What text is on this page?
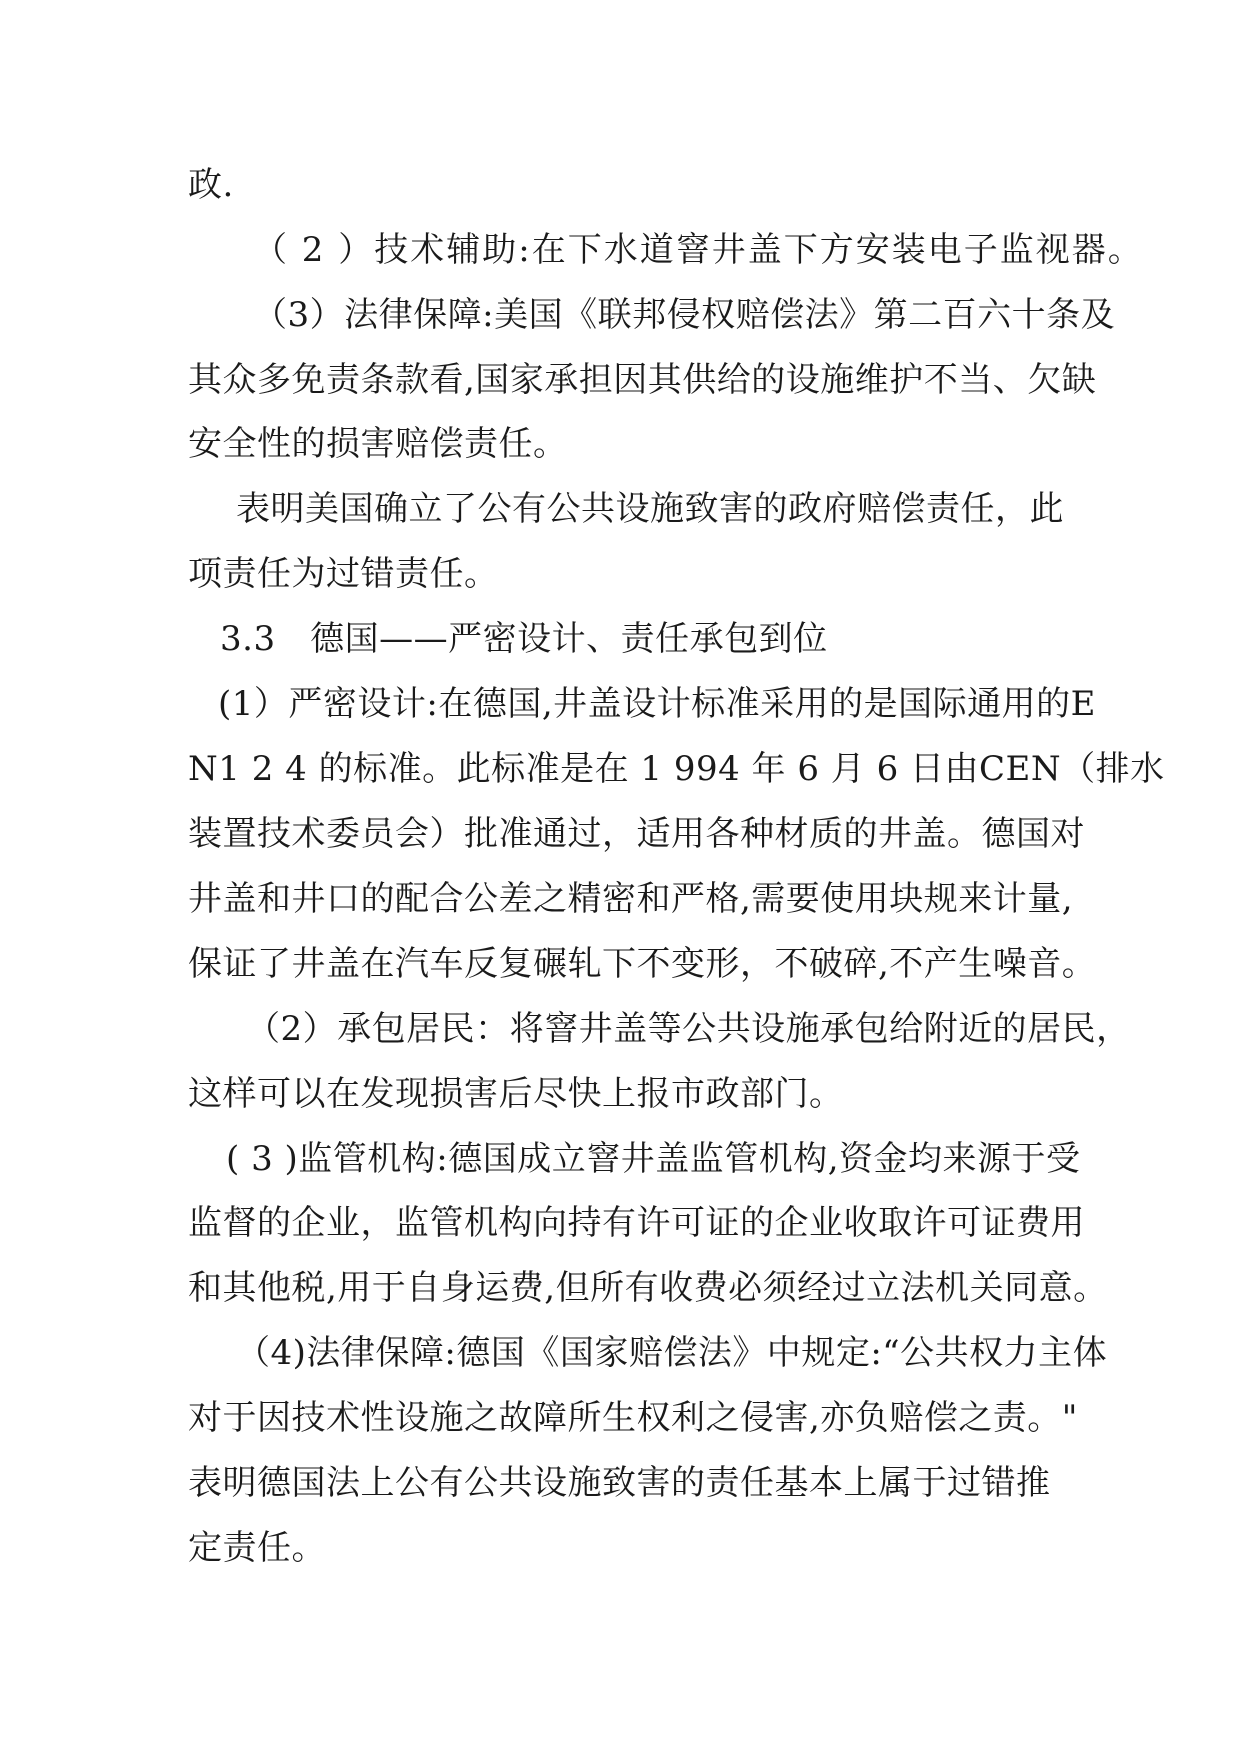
政.
（ 2 ）技术辅助:在下水道窨井盖下方安装电子监视器。
（3）法律保障:美国《联邦侵权赔偿法》第二百六十条及
其众多免责条款看,国家承担因其供给的设施维护不当、欠缺
安全性的损害赔偿责任。
表明美国确立了公有公共设施致害的政府赔偿责任，此
项责任为过错责任。
3.3　德国——严密设计、责任承包到位
(1）严密设计:在德国,井盖设计标准采用的是国际通用的E
N1 2 4 的标准。此标准是在 1 994 年 6 月 6 日由CEN（排水
装置技术委员会）批准通过，适用各种材质的井盖。德国对
井盖和井口的配合公差之精密和严格,需要使用块规来计量,
保证了井盖在汽车反复碾轧下不变形，不破碎,不产生噪音。
（2）承包居民：将窨井盖等公共设施承包给附近的居民，
这样可以在发现损害后尽快上报市政部门。
( 3 )监管机构:德国成立窨井盖监管机构,资金均来源于受
监督的企业，监管机构向持有许可证的企业收取许可证费用
和其他税,用于自身运费,但所有收费必须经过立法机关同意。
（4)法律保障:德国《国家赔偿法》中规定:“公共权力主体
对于因技术性设施之故障所生权利之侵害,亦负赔偿之责。"
表明德国法上公有公共设施致害的责任基本上属于过错推
定责任。
